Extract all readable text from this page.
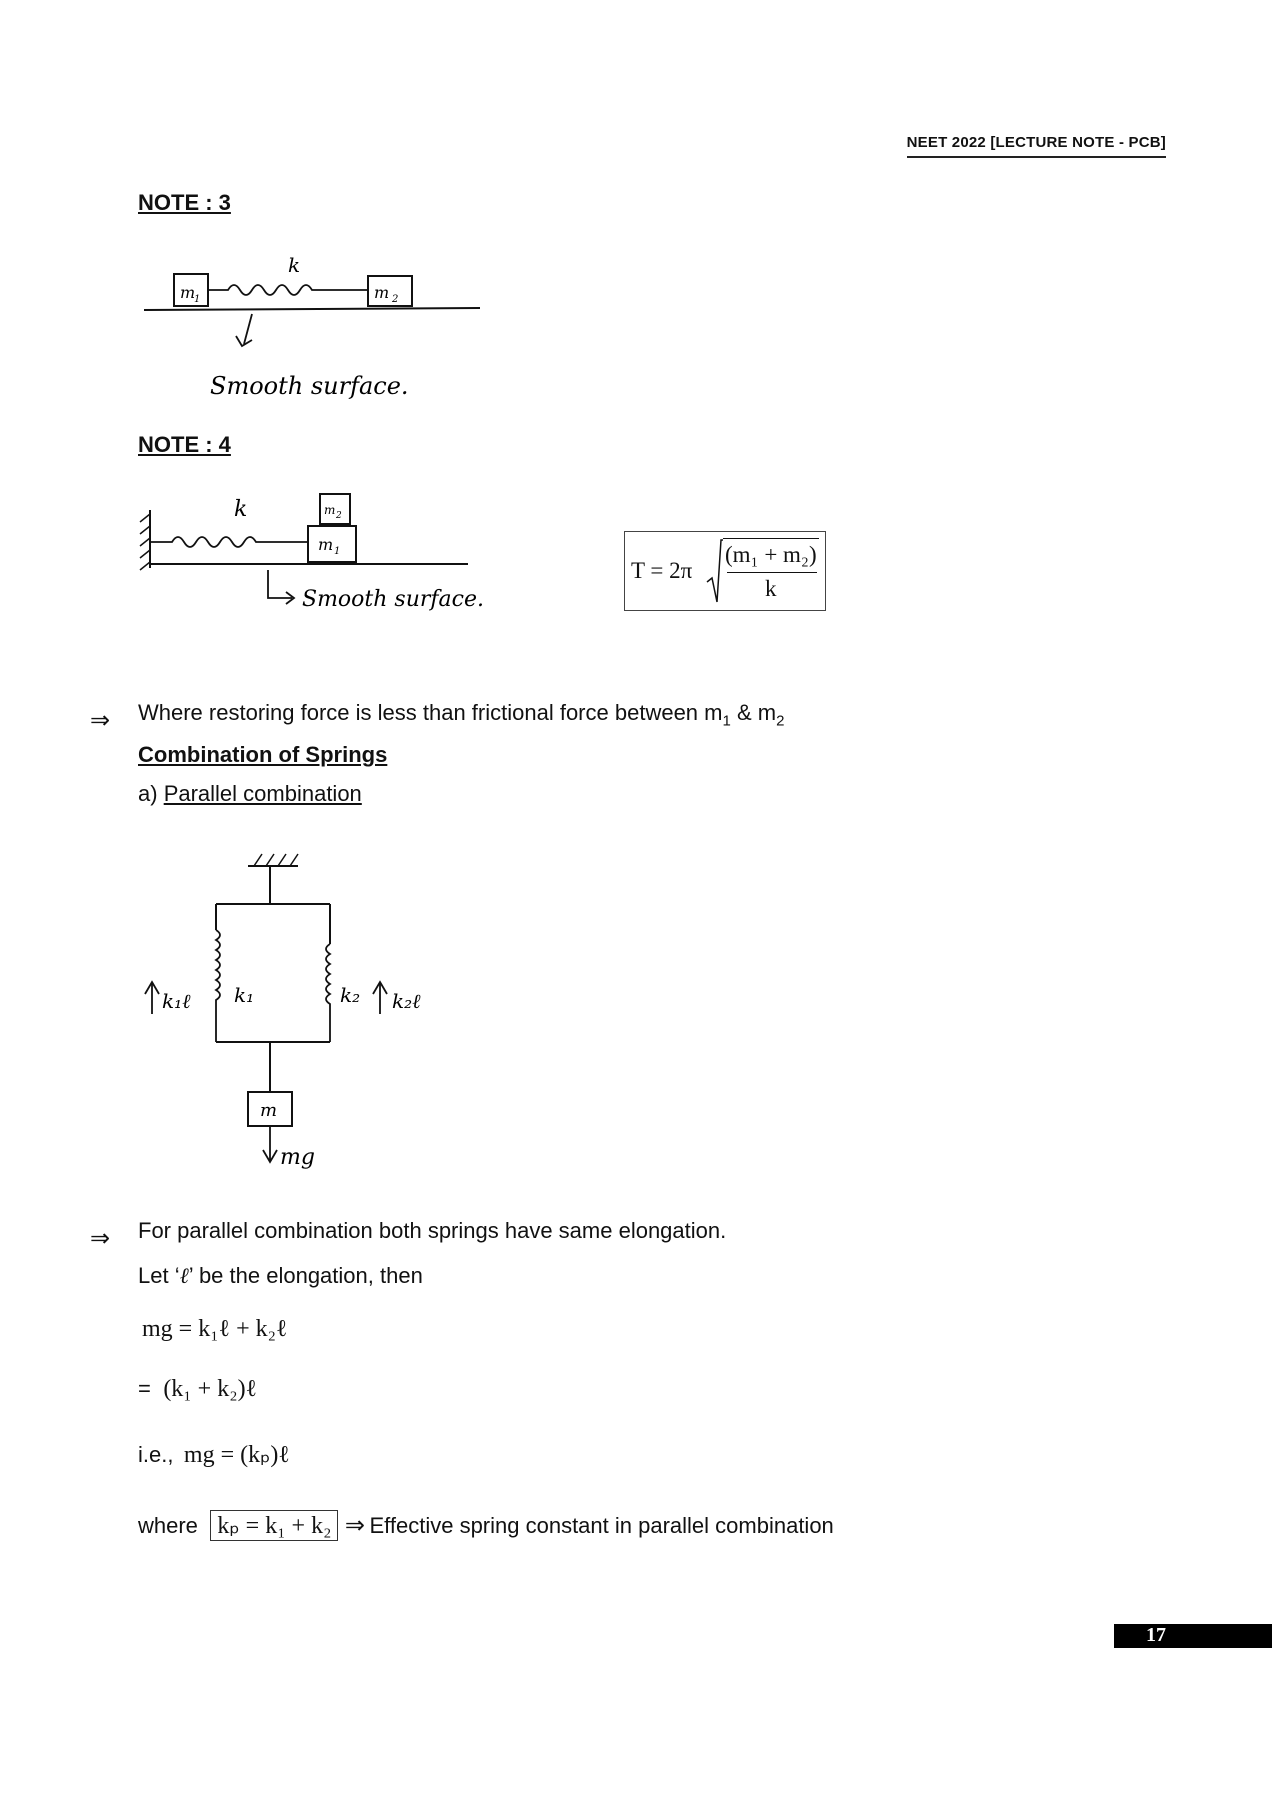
NEET 2022 [LECTURE NOTE - PCB]
NOTE : 3
m
1
k
m 2
Smooth surface.
NOTE : 4
k
m 1
m 2
Smooth surface.
T = 2π
(m₁ + m₂)
k
⇒ Where restoring force is less than frictional force between $m_1$ & $m_2$
Combination of Springs
a) Parallel combination
k₁	k₂
k₁ℓ	k₂ℓ
m
mg
⇒ For parallel combination both springs have same elongation.
Let ‘ℓ’ be the elongation, then
mg = k₁ℓ + k₂ℓ
= (k₁ + k₂)ℓ
i.e., mg = (kₚ)ℓ
where kₚ = k₁ + k₂ ⇒ Effective spring constant in parallel combination
17
